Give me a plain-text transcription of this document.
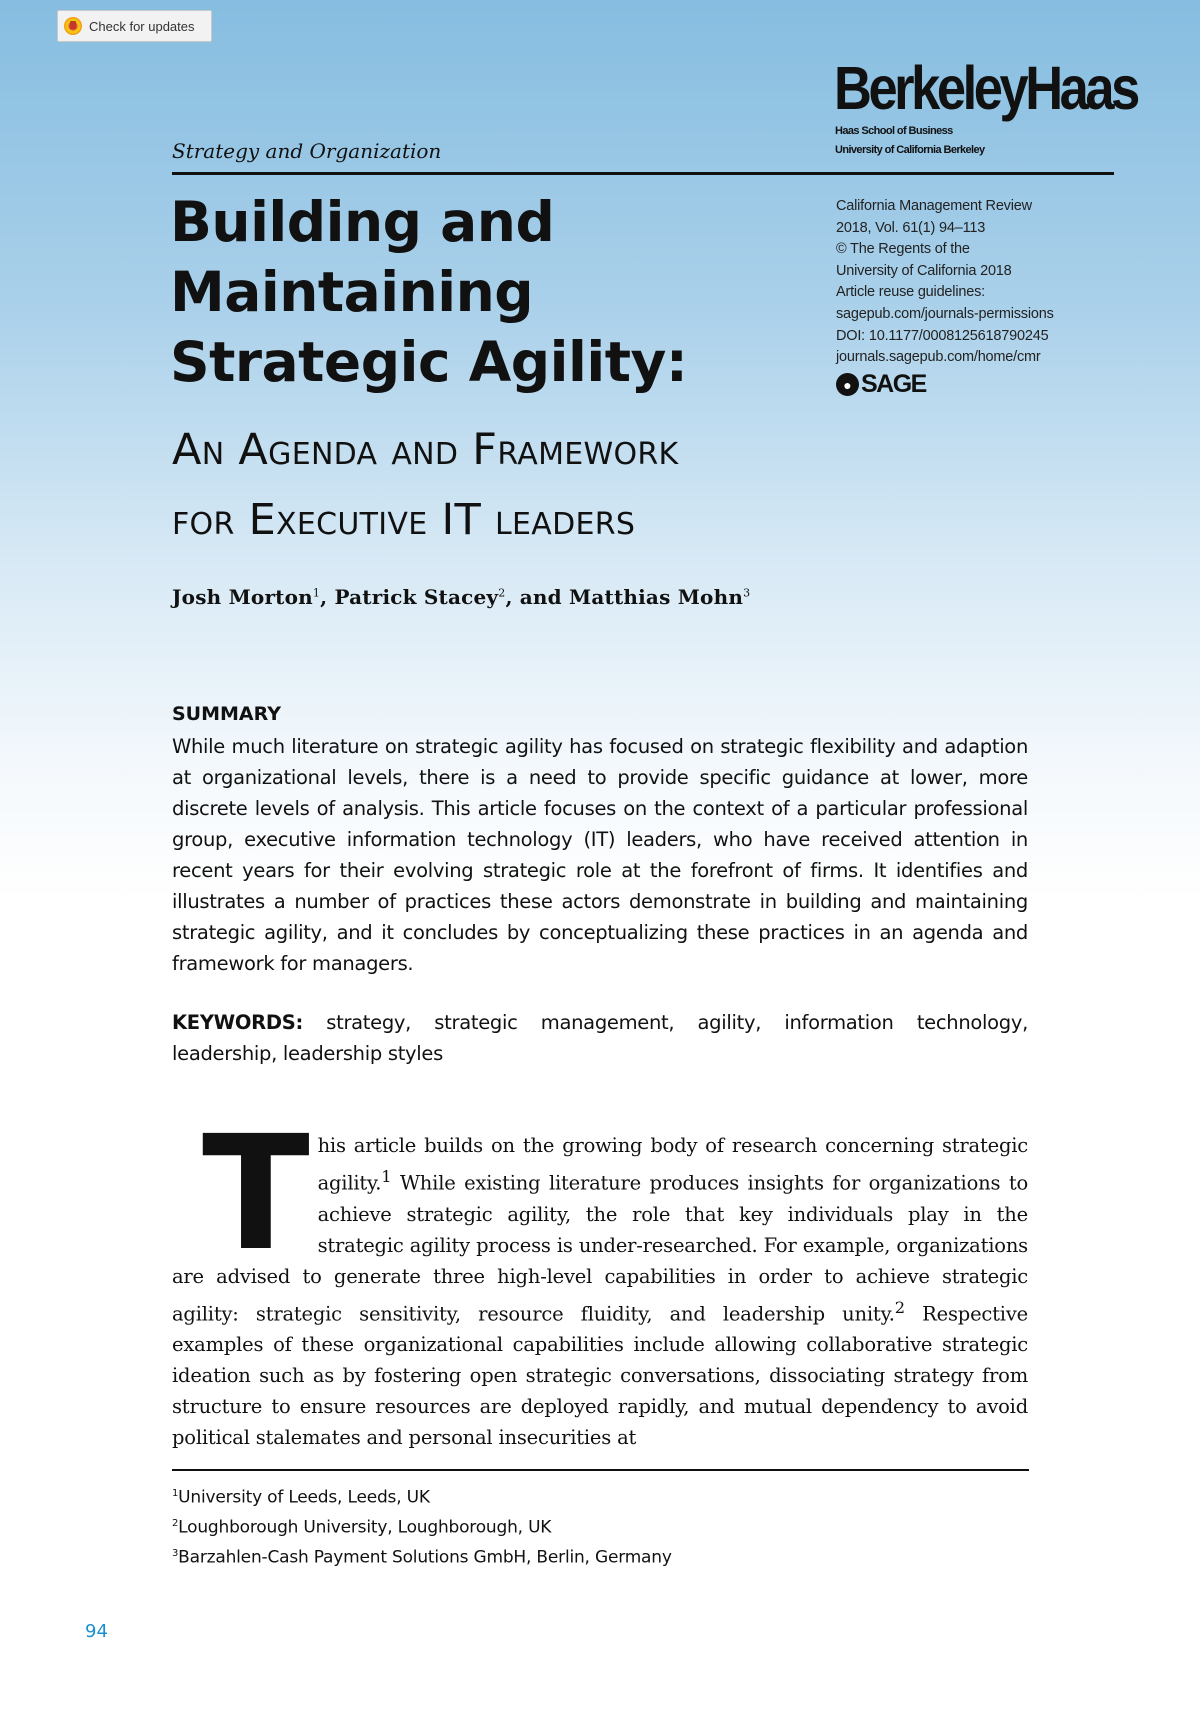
Check for updates
BerkeleyHaas
Haas School of Business
University of California Berkeley
Strategy and Organization
Building and
Maintaining
Strategic Agility:
An Agenda and Framework
for Executive IT leaders
California Management Review
2018, Vol. 61(1) 94–113
© The Regents of the
University of California 2018
Article reuse guidelines:
sagepub.com/journals-permissions
DOI: 10.1177/0008125618790245
journals.sagepub.com/home/cmr
● SAGE
Josh Morton$^1$, Patrick Stacey$^2$, and Matthias Mohn$^3$
SUMMARY

While much literature on strategic agility has focused on strategic flexibility and adaption at organizational levels, there is a need to provide specific guidance at lower, more discrete levels of analysis. This article focuses on the context of a particular professional group, executive information technology (IT) leaders, who have received attention in recent years for their evolving strategic role at the forefront of firms. It identifies and illustrates a number of practices these actors demonstrate in building and maintaining strategic agility, and it concludes by conceptualizing these practices in an agenda and framework for managers.

KEYWORDS: strategy, strategic management, agility, information technology, leadership, leadership styles

This article builds on the growing body of research concerning strategic agility.$^1$ While existing literature produces insights for organizations to achieve strategic agility, the role that key individuals play in the strategic agility process is under-researched. For example, organizations are advised to generate three high-level capabilities in order to achieve strategic agility: strategic sensitivity, resource fluidity, and leadership unity.$^2$ Respective examples of these organizational capabilities include allowing collaborative strategic ideation such as by fostering open strategic conversations, dissociating strategy from structure to ensure resources are deployed rapidly, and mutual dependency to avoid political stalemates and personal insecurities at

$^1$University of Leeds, Leeds, UK
$^2$Loughborough University, Loughborough, UK
$^3$Barzahlen-Cash Payment Solutions GmbH, Berlin, Germany
94
